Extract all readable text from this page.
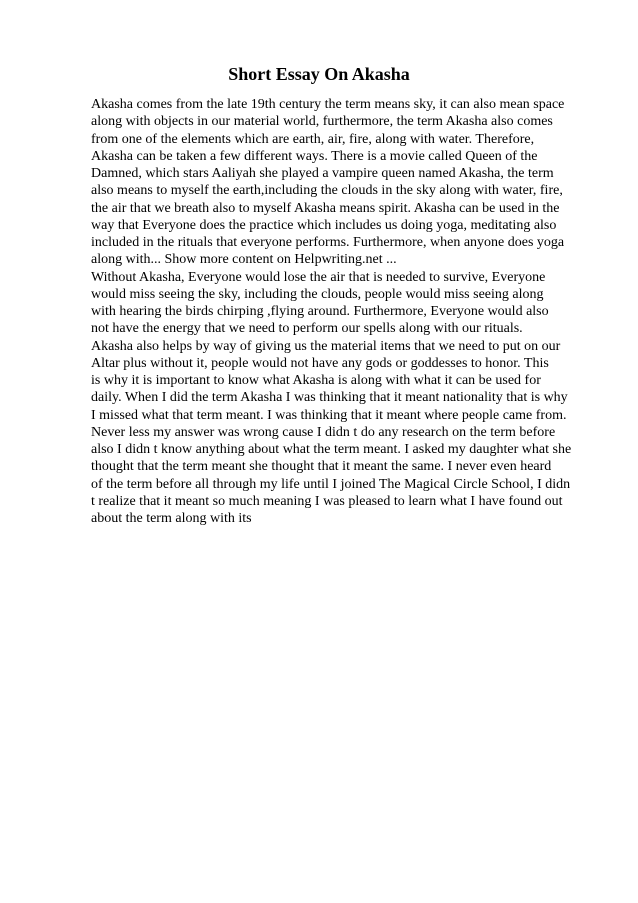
Short Essay On Akasha
Akasha comes from the late 19th century the term means sky, it can also mean space
along with objects in our material world, furthermore, the term Akasha also comes
from one of the elements which are earth, air, fire, along with water. Therefore,
Akasha can be taken a few different ways. There is a movie called Queen of the
Damned, which stars Aaliyah she played a vampire queen named Akasha, the term
also means to myself the earth,including the clouds in the sky along with water, fire,
the air that we breath also to myself Akasha means spirit. Akasha can be used in the
way that Everyone does the practice which includes us doing yoga, meditating also
included in the rituals that everyone performs. Furthermore, when anyone does yoga
along with... Show more content on Helpwriting.net ...
Without Akasha, Everyone would lose the air that is needed to survive, Everyone
would miss seeing the sky, including the clouds, people would miss seeing along
with hearing the birds chirping ,flying around. Furthermore, Everyone would also
not have the energy that we need to perform our spells along with our rituals.
Akasha also helps by way of giving us the material items that we need to put on our
Altar plus without it, people would not have any gods or goddesses to honor. This
is why it is important to know what Akasha is along with what it can be used for
daily. When I did the term Akasha I was thinking that it meant nationality that is why
I missed what that term meant. I was thinking that it meant where people came from.
Never less my answer was wrong cause I didn t do any research on the term before
also I didn t know anything about what the term meant. I asked my daughter what she
thought that the term meant she thought that it meant the same. I never even heard
of the term before all through my life until I joined The Magical Circle School, I didn
t realize that it meant so much meaning I was pleased to learn what I have found out
about the term along with its
